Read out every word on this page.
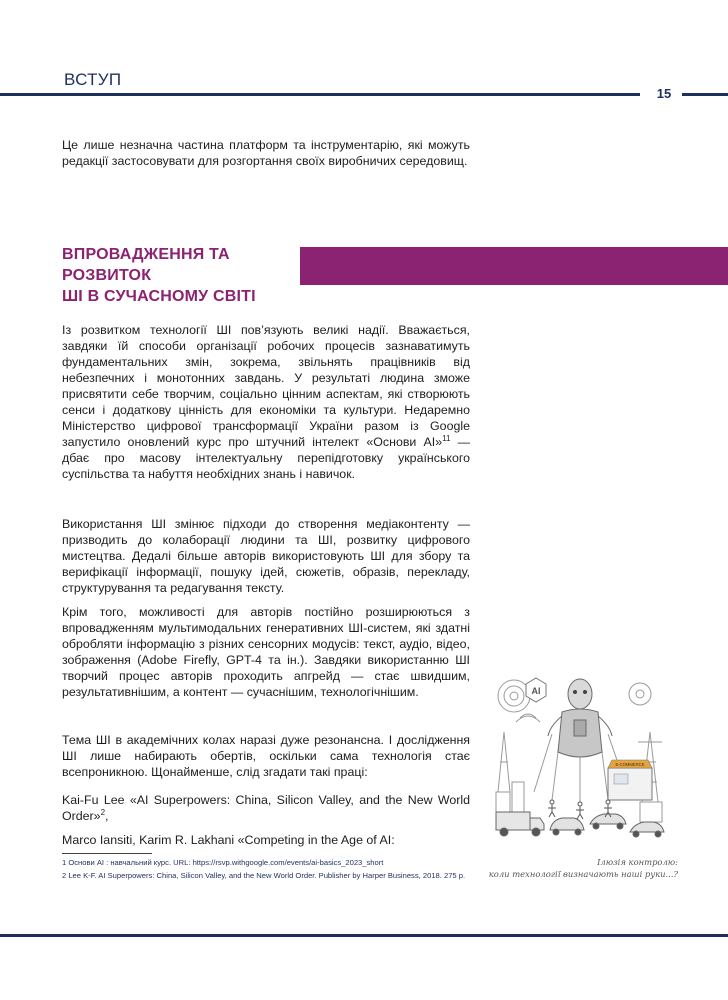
ВСТУП
15

Це лише незначна частина платформ та інструментарію, які можуть редакції застосовувати для розгортання своїх виробничих середовищ.

ВПРОВАДЖЕННЯ ТА РОЗВИТОК
ШІ В СУЧАСНОМУ СВІТІ

Із розвитком технології ШІ пов’язують великі надії. Вважається, завдяки їй способи організації робочих процесів зазнаватимуть фундаментальних змін, зокрема, звільнять працівників від небезпечних і монотонних завдань. У результаті людина зможе присвятити себе творчим, соціально цінним аспектам, які створюють сенси і додаткову цінність для економіки та культури. Недаремно Міністерство цифрової трансформації України разом із Google запустило оновлений курс про штучний інтелект «Основи AI»$^{11}$ — дбає про масову інтелектуальну перепідготовку українського суспільства та набуття необхідних знань і навичок.

Використання ШІ змінює підходи до створення медіаконтенту — призводить до колаборації людини та ШІ, розвитку цифрового мистецтва. Дедалі більше авторів використовують ШІ для збору та верифікації інформації, пошуку ідей, сюжетів, образів, перекладу, структурування та редагування тексту.

Крім того, можливості для авторів постійно розширюються з впровадженням мультимодальних генеративних ШІ-систем, які здатні обробляти інформацію з різних сенсорних модусів: текст, аудіо, відео, зображення (Adobe Firefly, GPT-4 та ін.). Завдяки використанню ШІ творчий процес авторів проходить апгрейд — стає швидшим, результативнішим, а контент — сучаснішим, технологічнішим.

Тема ШІ в академічних колах наразі дуже резонансна. І дослідження ШІ лише набирають обертів, оскільки сама технологія стає всепроникною. Щонайменше, слід згадати такі праці:

Kai-Fu Lee «AI Superpowers: China, Silicon Valley, and the New World Order»$^2$,

Marco Iansiti, Karim R. Lakhani «Competing in the Age of AI:

1 Основи AI : навчальний курс. URL: https://rsvp.withgoogle.com/events/ai-basics_2023_short

2 Lee K-F. AI Superpowers: China, Silicon Valley, and the New World Order. Publisher by Harper Business, 2018. 275 p.

AI
E-COMMERCE
Ілюзія контролю:
коли технології визначають наші руки...?
